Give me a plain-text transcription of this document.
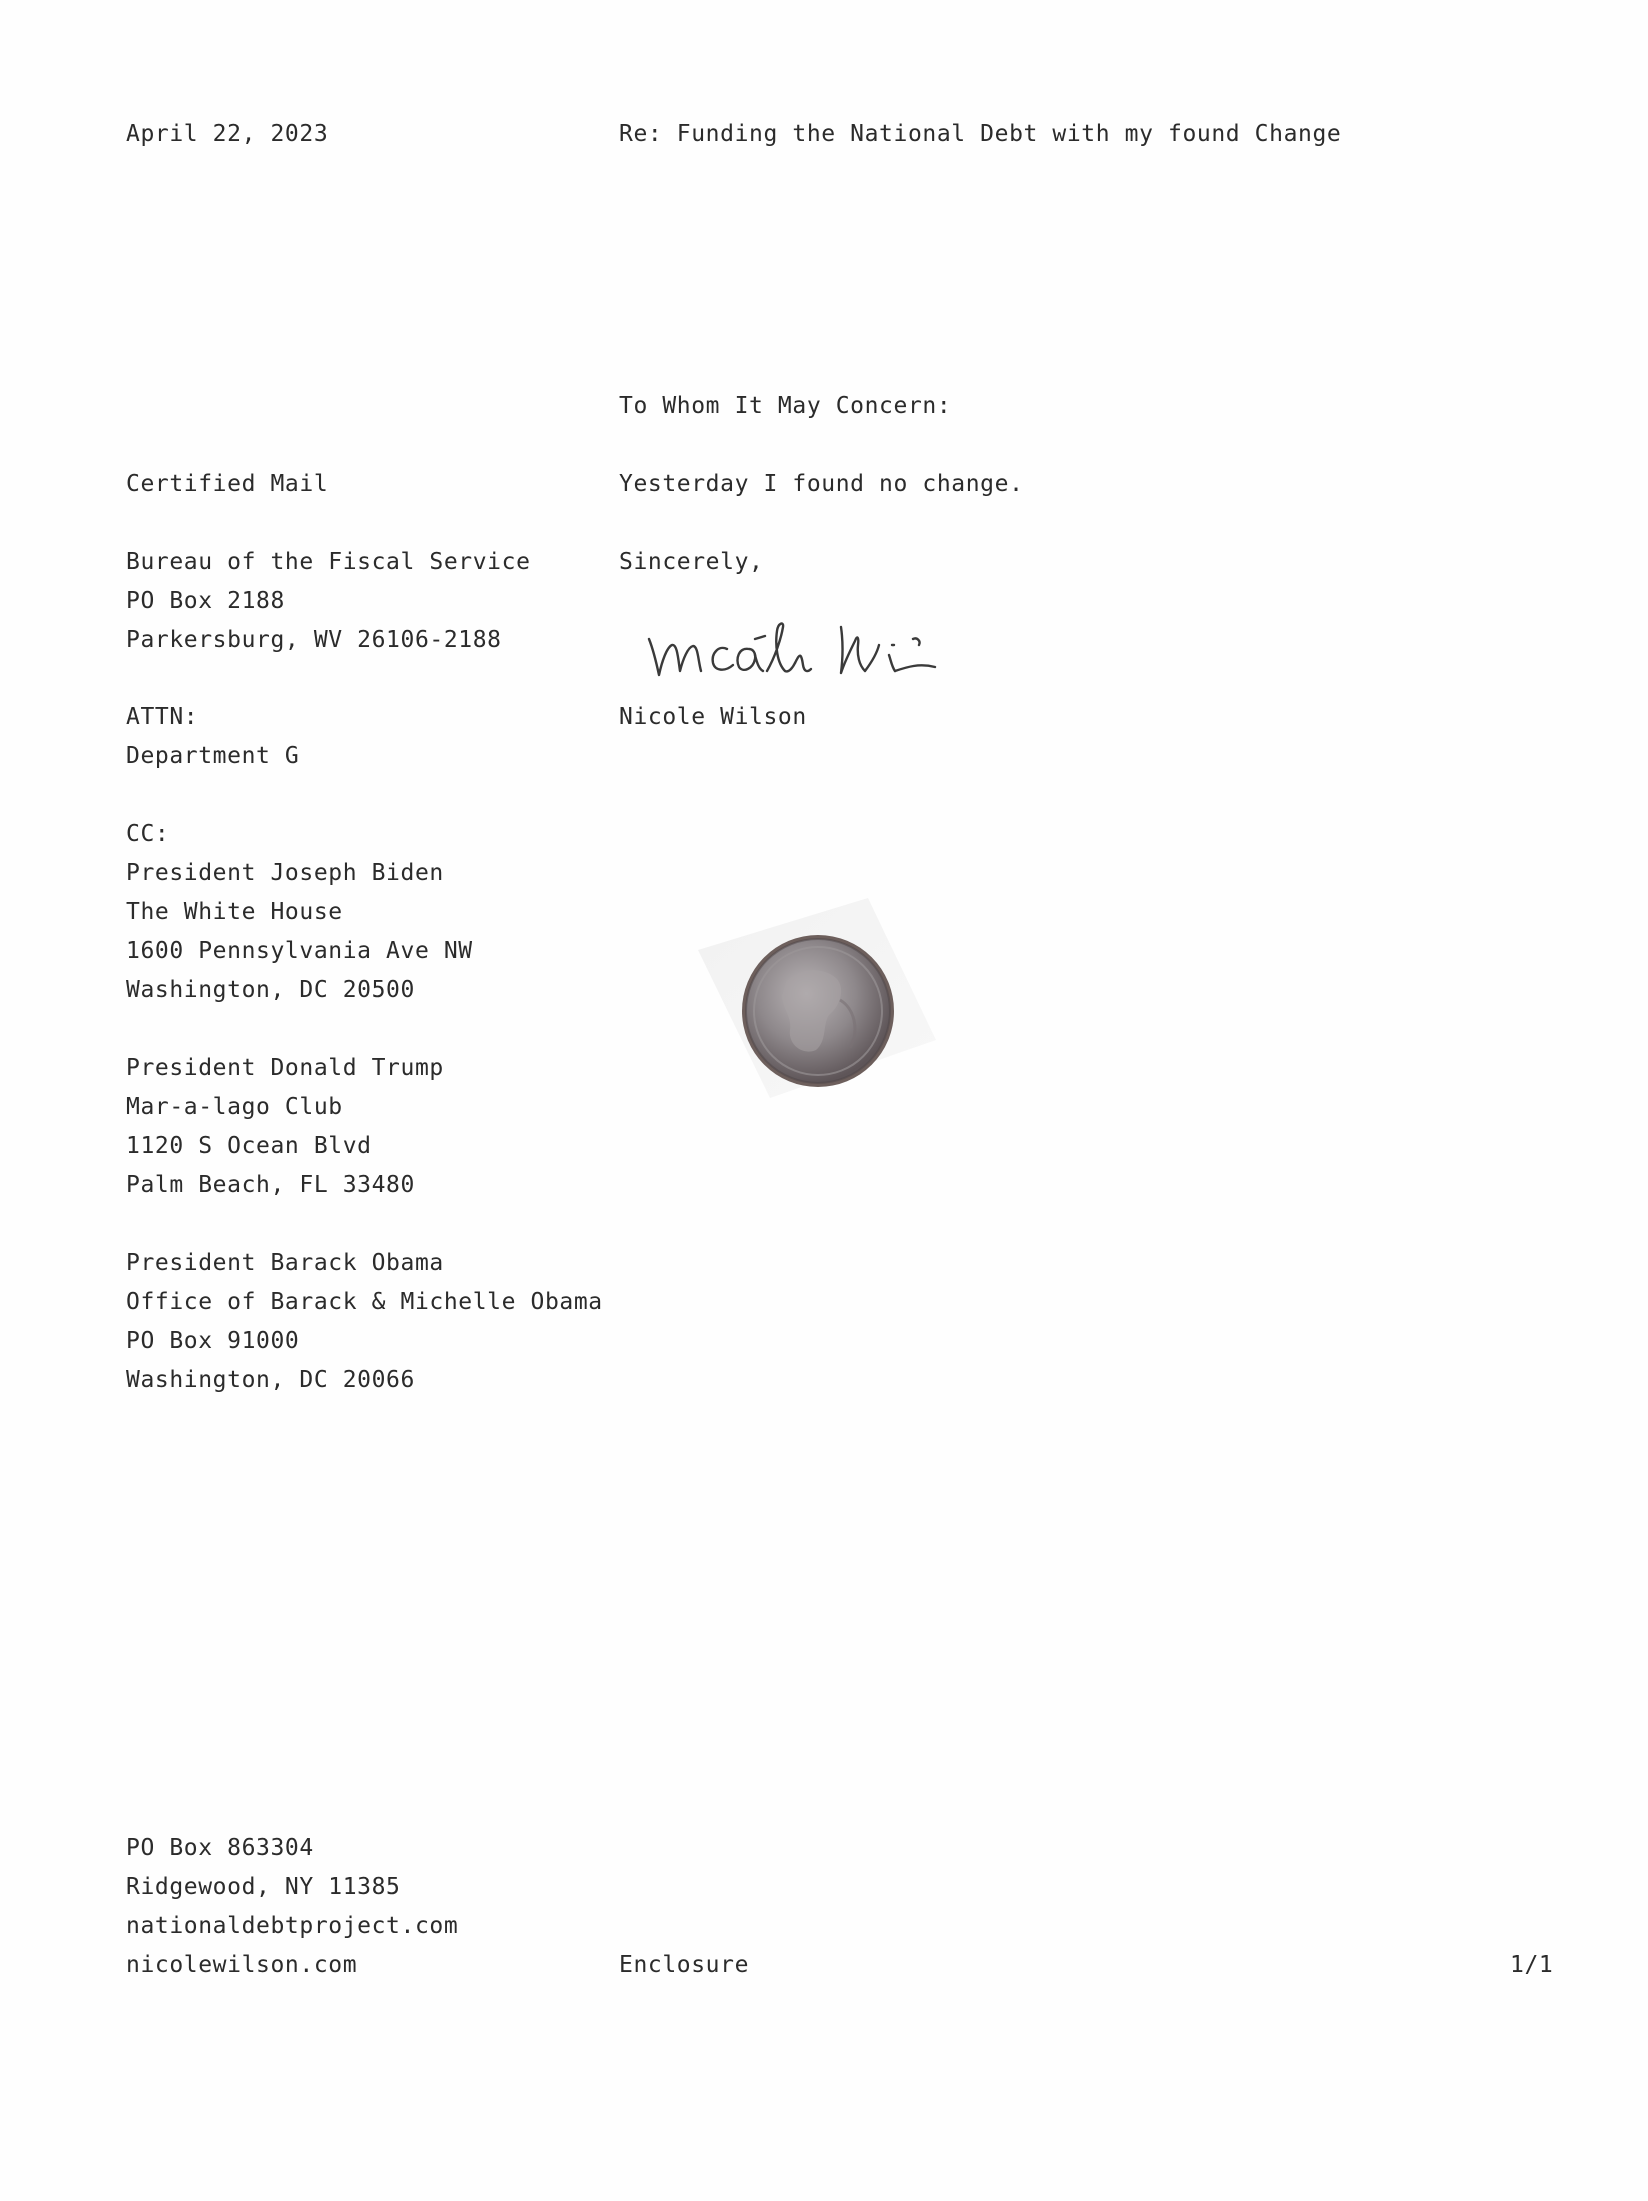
April 22, 2023	Re: Funding the National Debt with my found Change

To Whom It May Concern:

Yesterday I found no change.

Sincerely,

Nicole Wilson

Certified Mail

Bureau of the Fiscal Service
PO Box 2188
Parkersburg, WV 26106-2188
ATTN:
Department G
CC:
President Joseph Biden
The White House
1600 Pennsylvania Ave NW
Washington, DC 20500
President Donald Trump
Mar-a-lago Club
1120 S Ocean Blvd
Palm Beach, FL 33480
President Barack Obama
Office of Barack & Michelle Obama
PO Box 91000
Washington, DC 20066
PO Box 863304
Ridgewood, NY 11385
nationaldebtproject.com
nicolewilson.com	Enclosure	1/1
